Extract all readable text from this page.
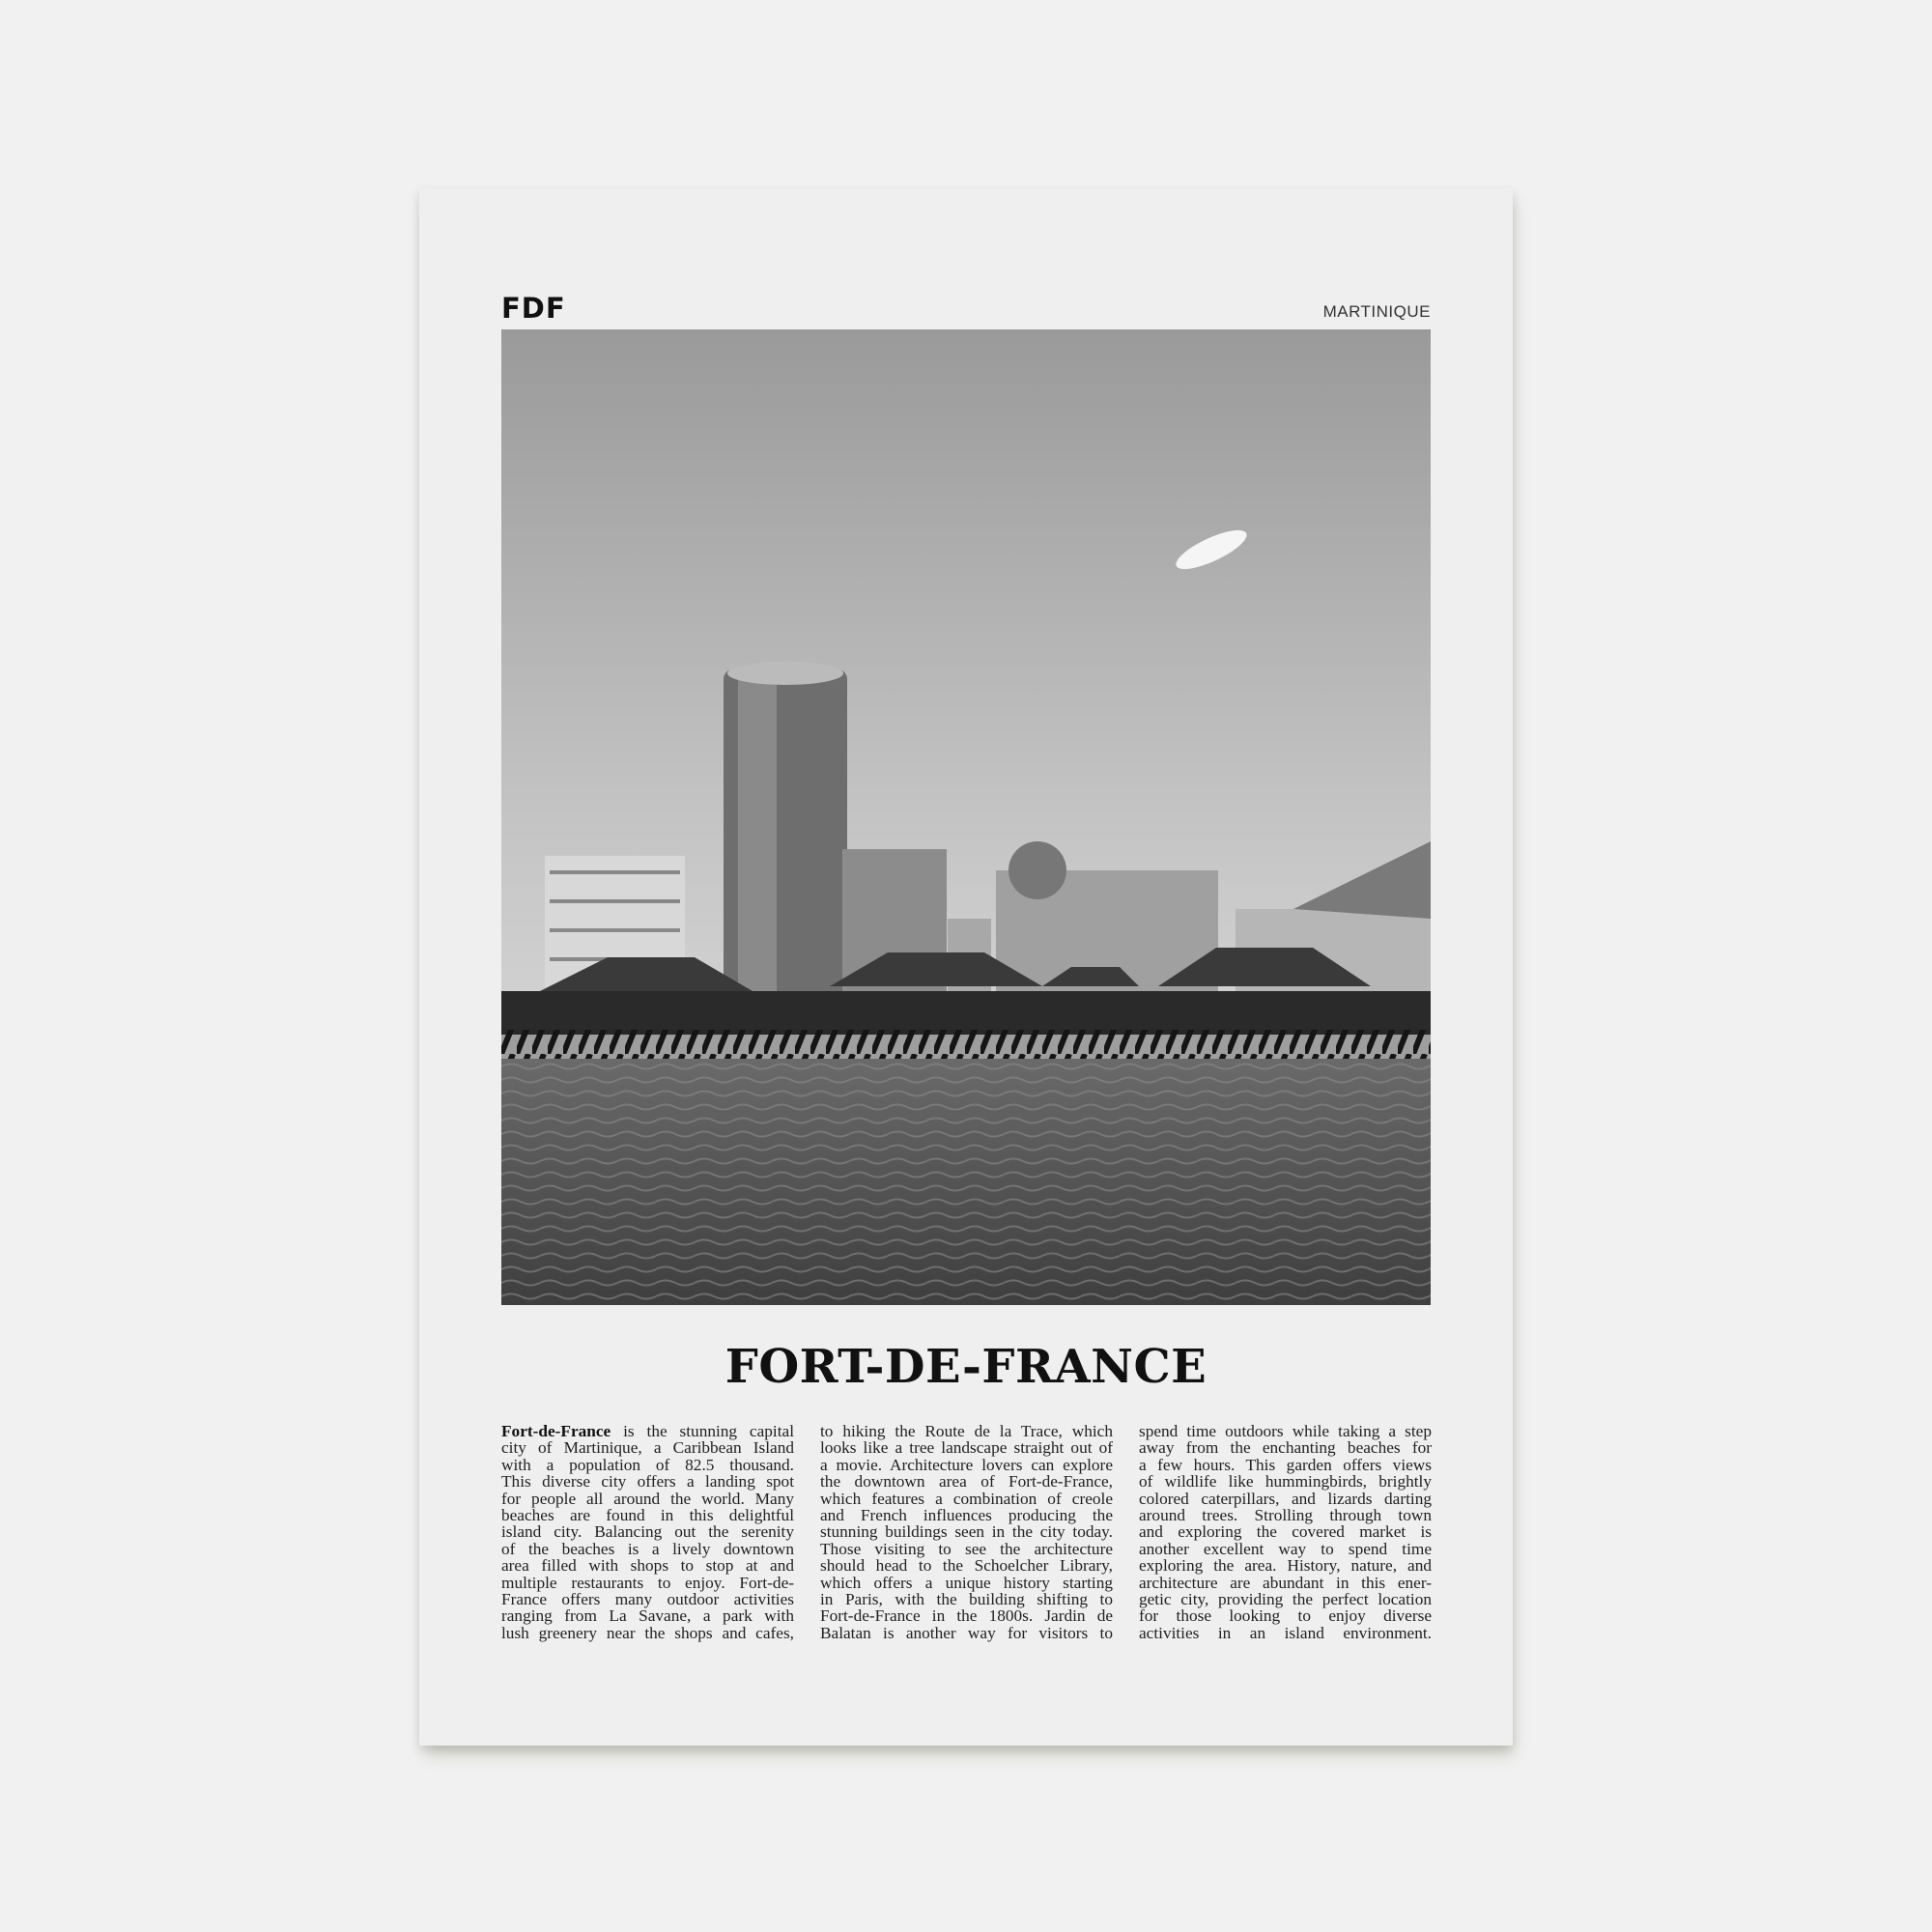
FDF	MARTINIQUE
FORT-DE-FRANCE
Fort-de-France is the stunning capital
city of Martinique, a Caribbean Island
with a population of 82.5 thousand.
This diverse city offers a landing spot
for people all around the world. Many
beaches are found in this delightful
island city. Balancing out the serenity
of the beaches is a lively downtown
area filled with shops to stop at and
multiple restaurants to enjoy. Fort-de-
France offers many outdoor activities
ranging from La Savane, a park with
lush greenery near the shops and cafes,
to hiking the Route de la Trace, which
looks like a tree landscape straight out of
a movie. Architecture lovers can explore
the downtown area of Fort-de-France,
which features a combination of creole
and French influences producing the
stunning buildings seen in the city today.
Those visiting to see the architecture
should head to the Schoelcher Library,
which offers a unique history starting
in Paris, with the building shifting to
Fort-de-France in the 1800s. Jardin de
Balatan is another way for visitors to
spend time outdoors while taking a step
away from the enchanting beaches for
a few hours. This garden offers views
of wildlife like hummingbirds, brightly
colored caterpillars, and lizards darting
around trees. Strolling through town
and exploring the covered market is
another excellent way to spend time
exploring the area. History, nature, and
architecture are abundant in this ener-
getic city, providing the perfect location
for those looking to enjoy diverse
activities in an island environment.
